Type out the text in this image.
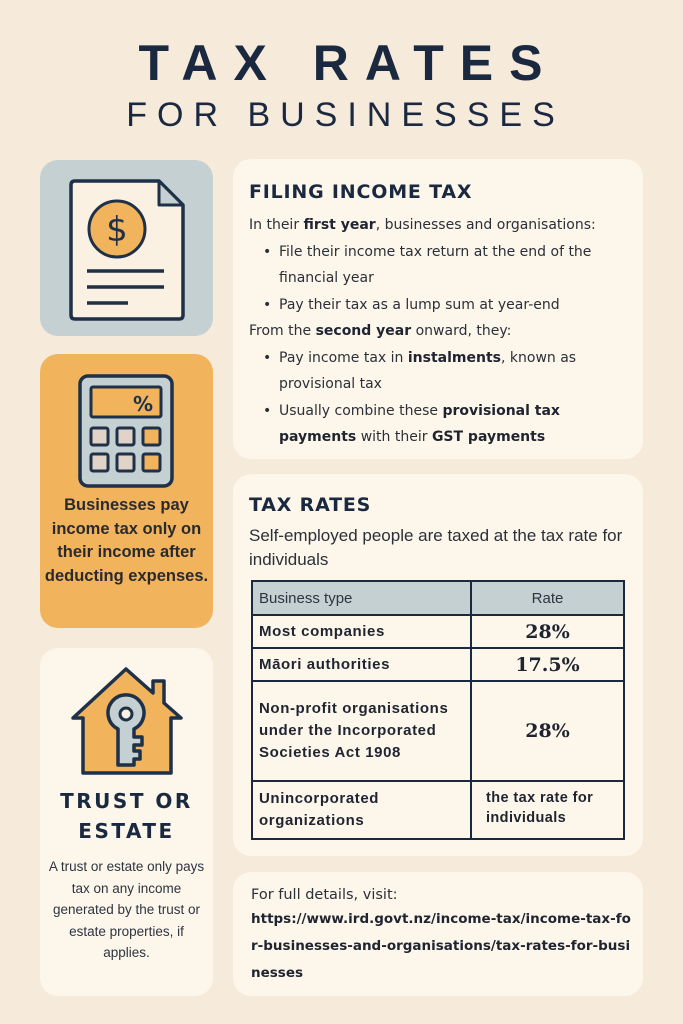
TAX RATES
FOR BUSINESSES
$
%
Businesses pay income tax only on their income after deducting expenses.
TRUST OR ESTATE
A trust or estate only pays tax on any income generated by the trust or estate properties, if applies.
FILING INCOME TAX
In their first year, businesses and organisations:
• File their income tax return at the end of the financial year
• Pay their tax as a lump sum at year-end
From the second year onward, they:
• Pay income tax in instalments, known as provisional tax
• Usually combine these provisional tax payments with their GST payments
TAX RATES
Self-employed people are taxed at the tax rate for individuals
Business type	Rate
Most companies	28%
Māori authorities	17.5%
Non-profit organisations under the Incorporated Societies Act 1908	28%
Unincorporated organizations	the tax rate for individuals
For full details, visit:
https://www.ird.govt.nz/income-tax/income-tax-for-businesses-and-organisations/tax-rates-for-businesses
